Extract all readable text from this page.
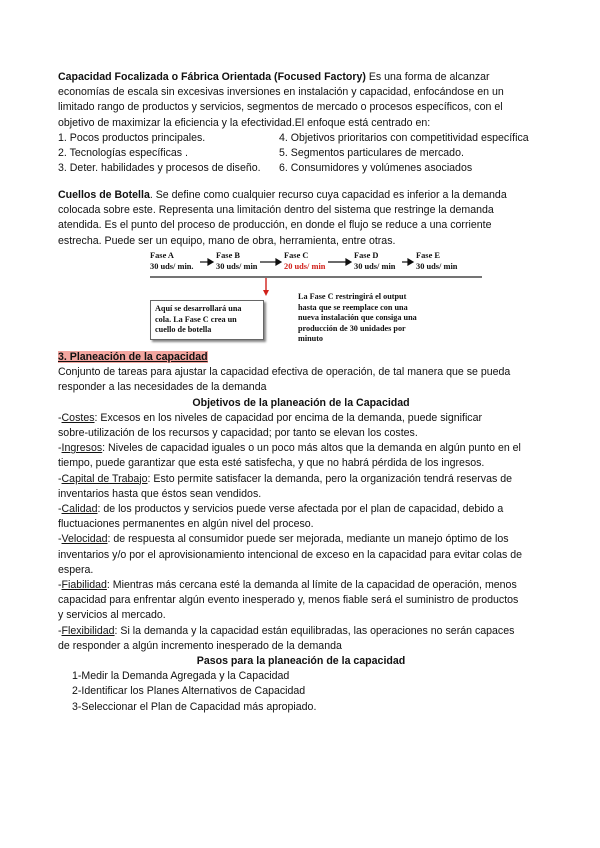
Capacidad Focalizada o Fábrica Orientada (Focused Factory) Es una forma de alcanzar
economías de escala sin excesivas inversiones en instalación y capacidad, enfocándose en un
limitado rango de productos y servicios, segmentos de mercado o procesos específicos, con el
objetivo de maximizar la eficiencia y la efectividad.El enfoque está centrado en:
1. Pocos productos principales.	4. Objetivos prioritarios con competitividad específica
2. Tecnologías específicas .	5. Segmentos particulares de mercado.
3. Deter. habilidades y procesos de diseño.	6. Consumidores y volúmenes asociados
Cuellos de Botella. Se define como cualquier recurso cuya capacidad es inferior a la demanda
colocada sobre este. Representa una limitación dentro del sistema que restringe la demanda
atendida. Es el punto del proceso de producción, en donde el flujo se reduce a una corriente
estrecha. Puede ser un equipo, mano de obra, herramienta, entre otras.
Fase A
30 uds/ min.
Fase B
30 uds/ min
Fase C
20 uds/ min
Fase D
30 uds/ min
Fase E
30 uds/ min
Aquí se desarrollará una
cola. La Fase C crea un
cuello de botella
La Fase C restringirá el output
hasta que se reemplace con una
nueva instalación que consiga una
producción de 30 unidades por
minuto
3. Planeación de la capacidad
Conjunto de tareas para ajustar la capacidad efectiva de operación, de tal manera que se pueda
responder a las necesidades de la demanda
Objetivos de la planeación de la Capacidad
-Costes: Excesos en los niveles de capacidad por encima de la demanda, puede significar
sobre-utilización de los recursos y capacidad; por tanto se elevan los costes.
-Ingresos: Niveles de capacidad iguales o un poco más altos que la demanda en algún punto en el
tiempo, puede garantizar que esta esté satisfecha, y que no habrá pérdida de los ingresos.
-Capital de Trabajo: Esto permite satisfacer la demanda, pero la organización tendrá reservas de
inventarios hasta que éstos sean vendidos.
-Calidad: de los productos y servicios puede verse afectada por el plan de capacidad, debido a
fluctuaciones permanentes en algún nivel del proceso.
-Velocidad: de respuesta al consumidor puede ser mejorada, mediante un manejo óptimo de los
inventarios y/o por el aprovisionamiento intencional de exceso en la capacidad para evitar colas de
espera.
-Fiabilidad: Mientras más cercana esté la demanda al límite de la capacidad de operación, menos
capacidad para enfrentar algún evento inesperado y, menos fiable será el suministro de productos
y servicios al mercado.
-Flexibilidad: Si la demanda y la capacidad están equilibradas, las operaciones no serán capaces
de responder a algún incremento inesperado de la demanda
Pasos para la planeación de la capacidad
1-Medir la Demanda Agregada y la Capacidad
2-Identificar los Planes Alternativos de Capacidad
3-Seleccionar el Plan de Capacidad más apropiado.
